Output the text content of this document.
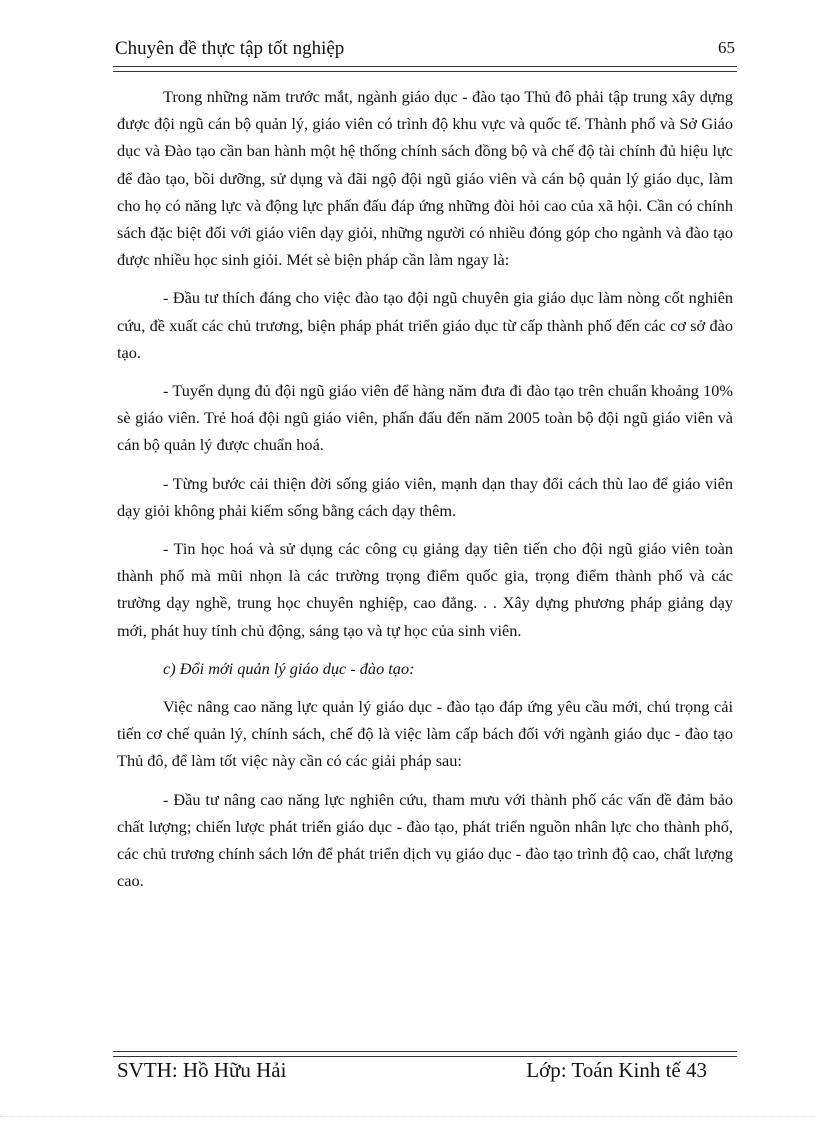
Chuyên đề thực tập tốt nghiệp	65

Trong những năm trước mắt, ngành giáo dục - đào tạo Thủ đô phải tập trung xây dựng được đội ngũ cán bộ quản lý, giáo viên có trình độ khu vực và quốc tế. Thành phố và Sở Giáo dục và Đào tạo cần ban hành một hệ thống chính sách đồng bộ và chế độ tài chính đủ hiệu lực để đào tạo, bồi dưỡng, sử dụng và đãi ngộ đội ngũ giáo viên và cán bộ quản lý giáo dục, làm cho họ có năng lực và động lực phấn đấu đáp ứng những đòi hỏi cao của xã hội. Cần có chính sách đặc biệt đối với giáo viên dạy giỏi, những người có nhiều đóng góp cho ngành và đào tạo được nhiều học sinh giỏi. Mét sè biện pháp cần làm ngay là:

- Đầu tư thích đáng cho việc đào tạo đội ngũ chuyên gia giáo dục làm nòng cốt nghiên cứu, đề xuất các chủ trương, biện pháp phát triển giáo dục từ cấp thành phố đến các cơ sở đào tạo.

- Tuyển dụng đủ đội ngũ giáo viên để hàng năm đưa đi đào tạo trên chuẩn khoảng 10% sè giáo viên. Trẻ hoá đội ngũ giáo viên, phấn đấu đến năm 2005 toàn bộ đội ngũ giáo viên và cán bộ quản lý được chuẩn hoá.

- Từng bước cải thiện đời sống giáo viên, mạnh dạn thay đổi cách thù lao để giáo viên dạy giỏi không phải kiếm sống bằng cách dạy thêm.

- Tin học hoá và sử dụng các công cụ giảng dạy tiên tiến cho đội ngũ giáo viên toàn thành phố mà mũi nhọn là các trường trọng điểm quốc gia, trọng điểm thành phố và các trường dạy nghề, trung học chuyên nghiệp, cao đẳng. . . Xây dựng phương pháp giảng dạy mới, phát huy tính chủ động, sáng tạo và tự học của sinh viên.

c) Đổi mới quản lý giáo dục - đào tạo:

Việc nâng cao năng lực quản lý giáo dục - đào tạo đáp ứng yêu cầu mới, chú trọng cải tiến cơ chế quản lý, chính sách, chế độ là việc làm cấp bách đối với ngành giáo dục - đào tạo Thủ đô, để làm tốt việc này cần có các giải pháp sau:

- Đầu tư nâng cao năng lực nghiên cứu, tham mưu với thành phố các vấn đề đảm bảo chất lượng; chiến lược phát triển giáo dục - đào tạo, phát triển nguồn nhân lực cho thành phố, các chủ trương chính sách lớn để phát triển dịch vụ giáo dục - đào tạo trình độ cao, chất lượng cao.

SVTH: Hồ Hữu Hải	Lớp: Toán Kinh tế 43
